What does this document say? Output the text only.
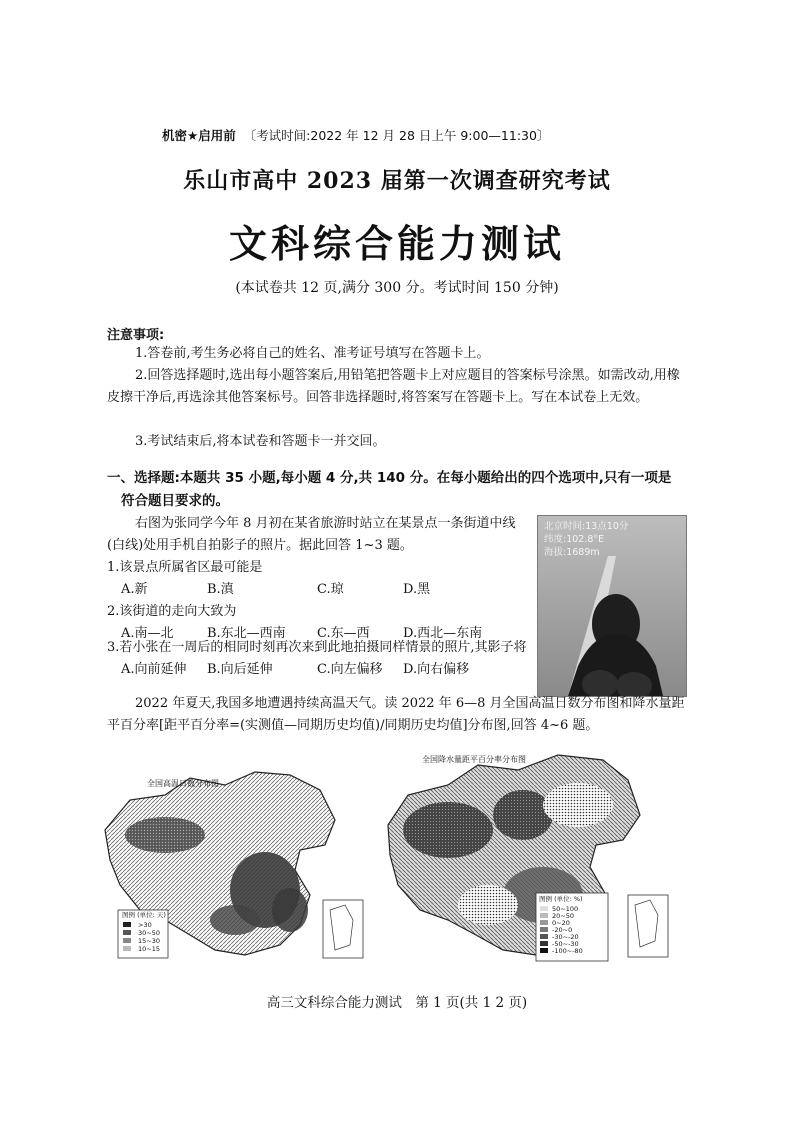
机密★启用前 〔考试时间:2022 年 12 月 28 日上午 9:00—11:30〕
乐山市高中 2023 届第一次调查研究考试
文科综合能力测试
(本试卷共 12 页,满分 300 分。考试时间 150 分钟)
注意事项:
1.答卷前,考生务必将自己的姓名、准考证号填写在答题卡上。
2.回答选择题时,选出每小题答案后,用铅笔把答题卡上对应题目的答案标号涂黑。如需改动,用橡皮擦干净后,再选涂其他答案标号。回答非选择题时,将答案写在答题卡上。写在本试卷上无效。
3.考试结束后,将本试卷和答题卡一并交回。
一、选择题:本题共 35 小题,每小题 4 分,共 140 分。在每小题给出的四个选项中,只有一项是
符合题目要求的。
右图为张同学今年 8 月初在某省旅游时站立在某景点一条街道中线(白线)处用手机自拍影子的照片。据此回答 1~3 题。
1.该景点所属省区最可能是
A.新	B.滇	C.琼	D.黑
2.该街道的走向大致为
A.南—北	B.东北—西南 C.东—西	D.西北—东南
3.若小张在一周后的相同时刻再次来到此地拍摄同样情景的照片,其影子将
A.向前延伸 B.向后延伸	C.向左偏移 D.向右偏移
北京时间:13点10分
纬度:102.8°E
海拔:1689m
2022 年夏天,我国多地遭遇持续高温天气。读 2022 年 6—8 月全国高温日数分布图和降水量距平百分率[距平百分率=(实测值—同期历史均值)/同期历史均值]分布图,回答 4~6 题。
全国高温日数分布图
图例 (单位: 天)
>30
30~50
15~30
10~15
全国降水量距平百分率分布图
图例 (单位: %)
50~100
20~50
0~20
-20~0
-30~-20
-50~-30
-100~-80
高三文科综合能力测试　第 1 页(共 1 2 页)
